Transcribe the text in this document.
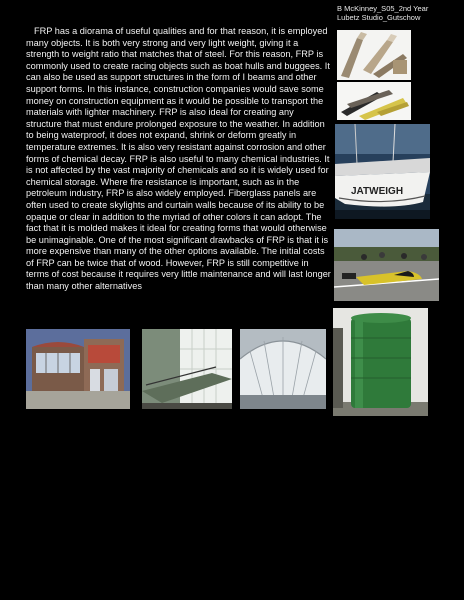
B McKinney_S05_2nd Year
Lubetz Studio_Gutschow

FRP has a diorama of useful qualities and for that reason, it is employed many objects. It is both very strong and very light weight, giving it a strength to weight ratio that matches that of steel. For this reason, FRP is commonly used to create racing objects such as boat hulls and buggees. It can also be used as support structures in the form of I beams and other support forms. In this instance, construction companies would save some money on construction equipment as it would be possible to transport the materials with lighter machinery. FRP is also ideal for creating any structure that must endure prolonged exposure to the weather. In addition to being waterproof, it does not expand, shrink or deform greatly in temperature extremes. It is also very resistant against corrosion and other forms of chemical decay. FRP is also useful to many chemical industries. It is not affected by the vast majority of chemicals and so it is widely used for chemical storage. Where fire resistance is important, such as in the petroleum industry, FRP is also widely employed. Fiberglass panels are often used to create skylights and curtain walls because of its ability to be opaque or clear in addition to the myriad of other colors it can adopt. The fact that it is molded makes it ideal for creating forms that would otherwise be unimaginable. One of the most significant drawbacks of FRP is that it is more expensive than many of the other options available. The initial costs of FRP can be twice that of wood. However, FRP is still competitive in terms of cost because it requires very little maintenance and will last longer than many other alternatives

JATWEIGH
